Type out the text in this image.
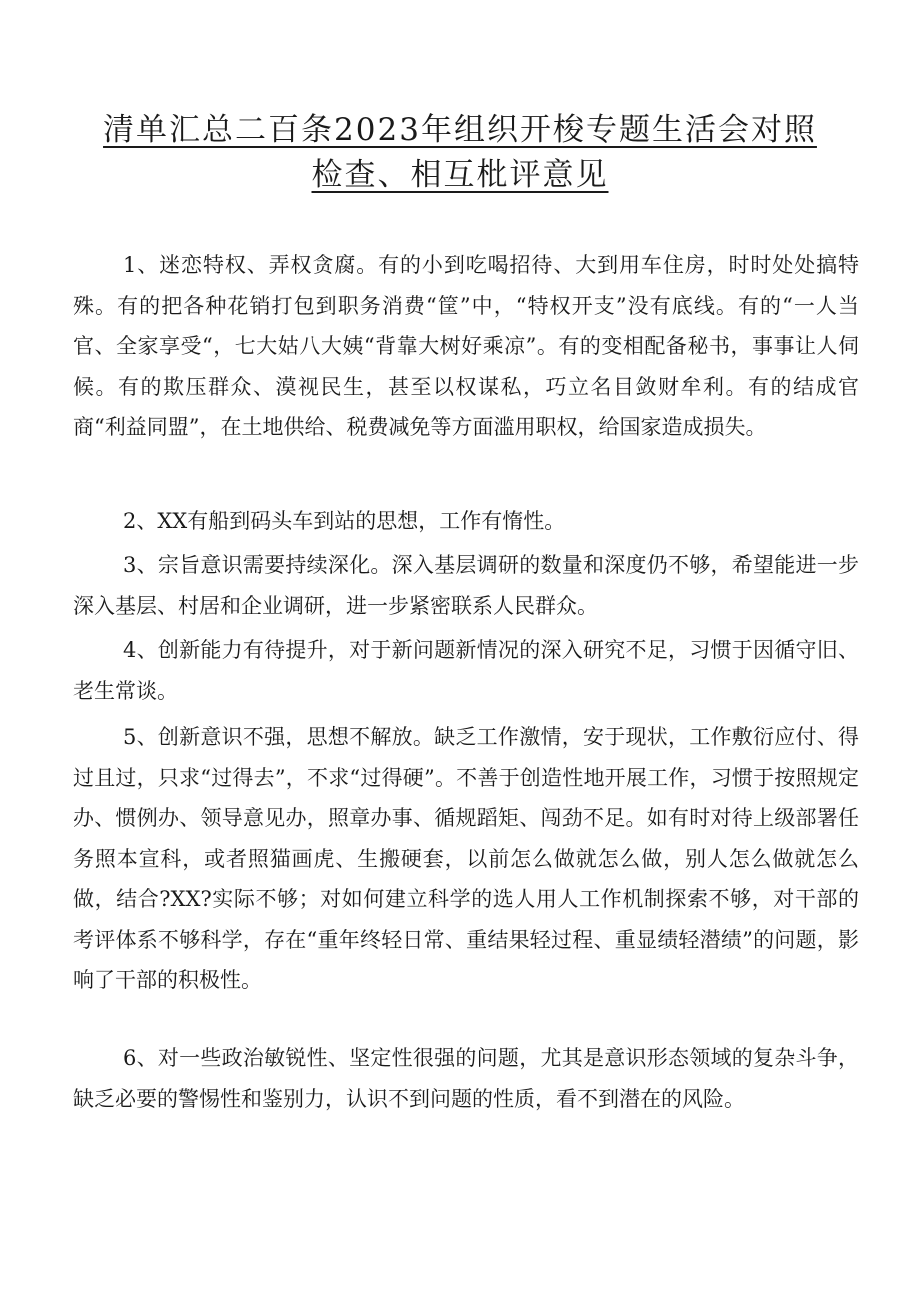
清单汇总二百条2023年组织开梭专题生活会对照
检查、相互枇评意见

1、迷恋特权、弄权贪腐。有的小到吃喝招待、大到用车住房，时时处处搞特殊。有的把各种花销打包到职务消费“筐”中，“特权开支”没有底线。有的“一人当官、全家享受“，七大姑八大姨“背靠大树好乘凉”。有的变相配备秘书，事事让人伺候。有的欺压群众、漠视民生，甚至以权谋私，巧立名目敛财牟利。有的结成官商“利益同盟”，在土地供给、税费减免等方面滥用职权，给国家造成损失。

2、XX有船到码头车到站的思想，工作有惰性。

3、宗旨意识需要持续深化。深入基层调研的数量和深度仍不够，希望能进一步深入基层、村居和企业调研，进一步紧密联系人民群众。

4、创新能力有待提升，对于新问题新情况的深入研究不足，习惯于因循守旧、老生常谈。

5、创新意识不强，思想不解放。缺乏工作激情，安于现状，工作敷衍应付、得过且过，只求“过得去”，不求“过得硬”。不善于创造性地开展工作，习惯于按照规定办、惯例办、领导意见办，照章办事、循规蹈矩、闯劲不足。如有时对待上级部署任务照本宣科，或者照猫画虎、生搬硬套，以前怎么做就怎么做，别人怎么做就怎么做，结合?XX?实际不够；对如何建立科学的选人用人工作机制探索不够，对干部的考评体系不够科学，存在“重年终轻日常、重结果轻过程、重显绩轻潜绩”的问题，影响了干部的积极性。

6、对一些政治敏锐性、坚定性很强的问题，尤其是意识形态领域的复杂斗争，缺乏必要的警惕性和鉴别力，认识不到问题的性质，看不到潜在的风险。
